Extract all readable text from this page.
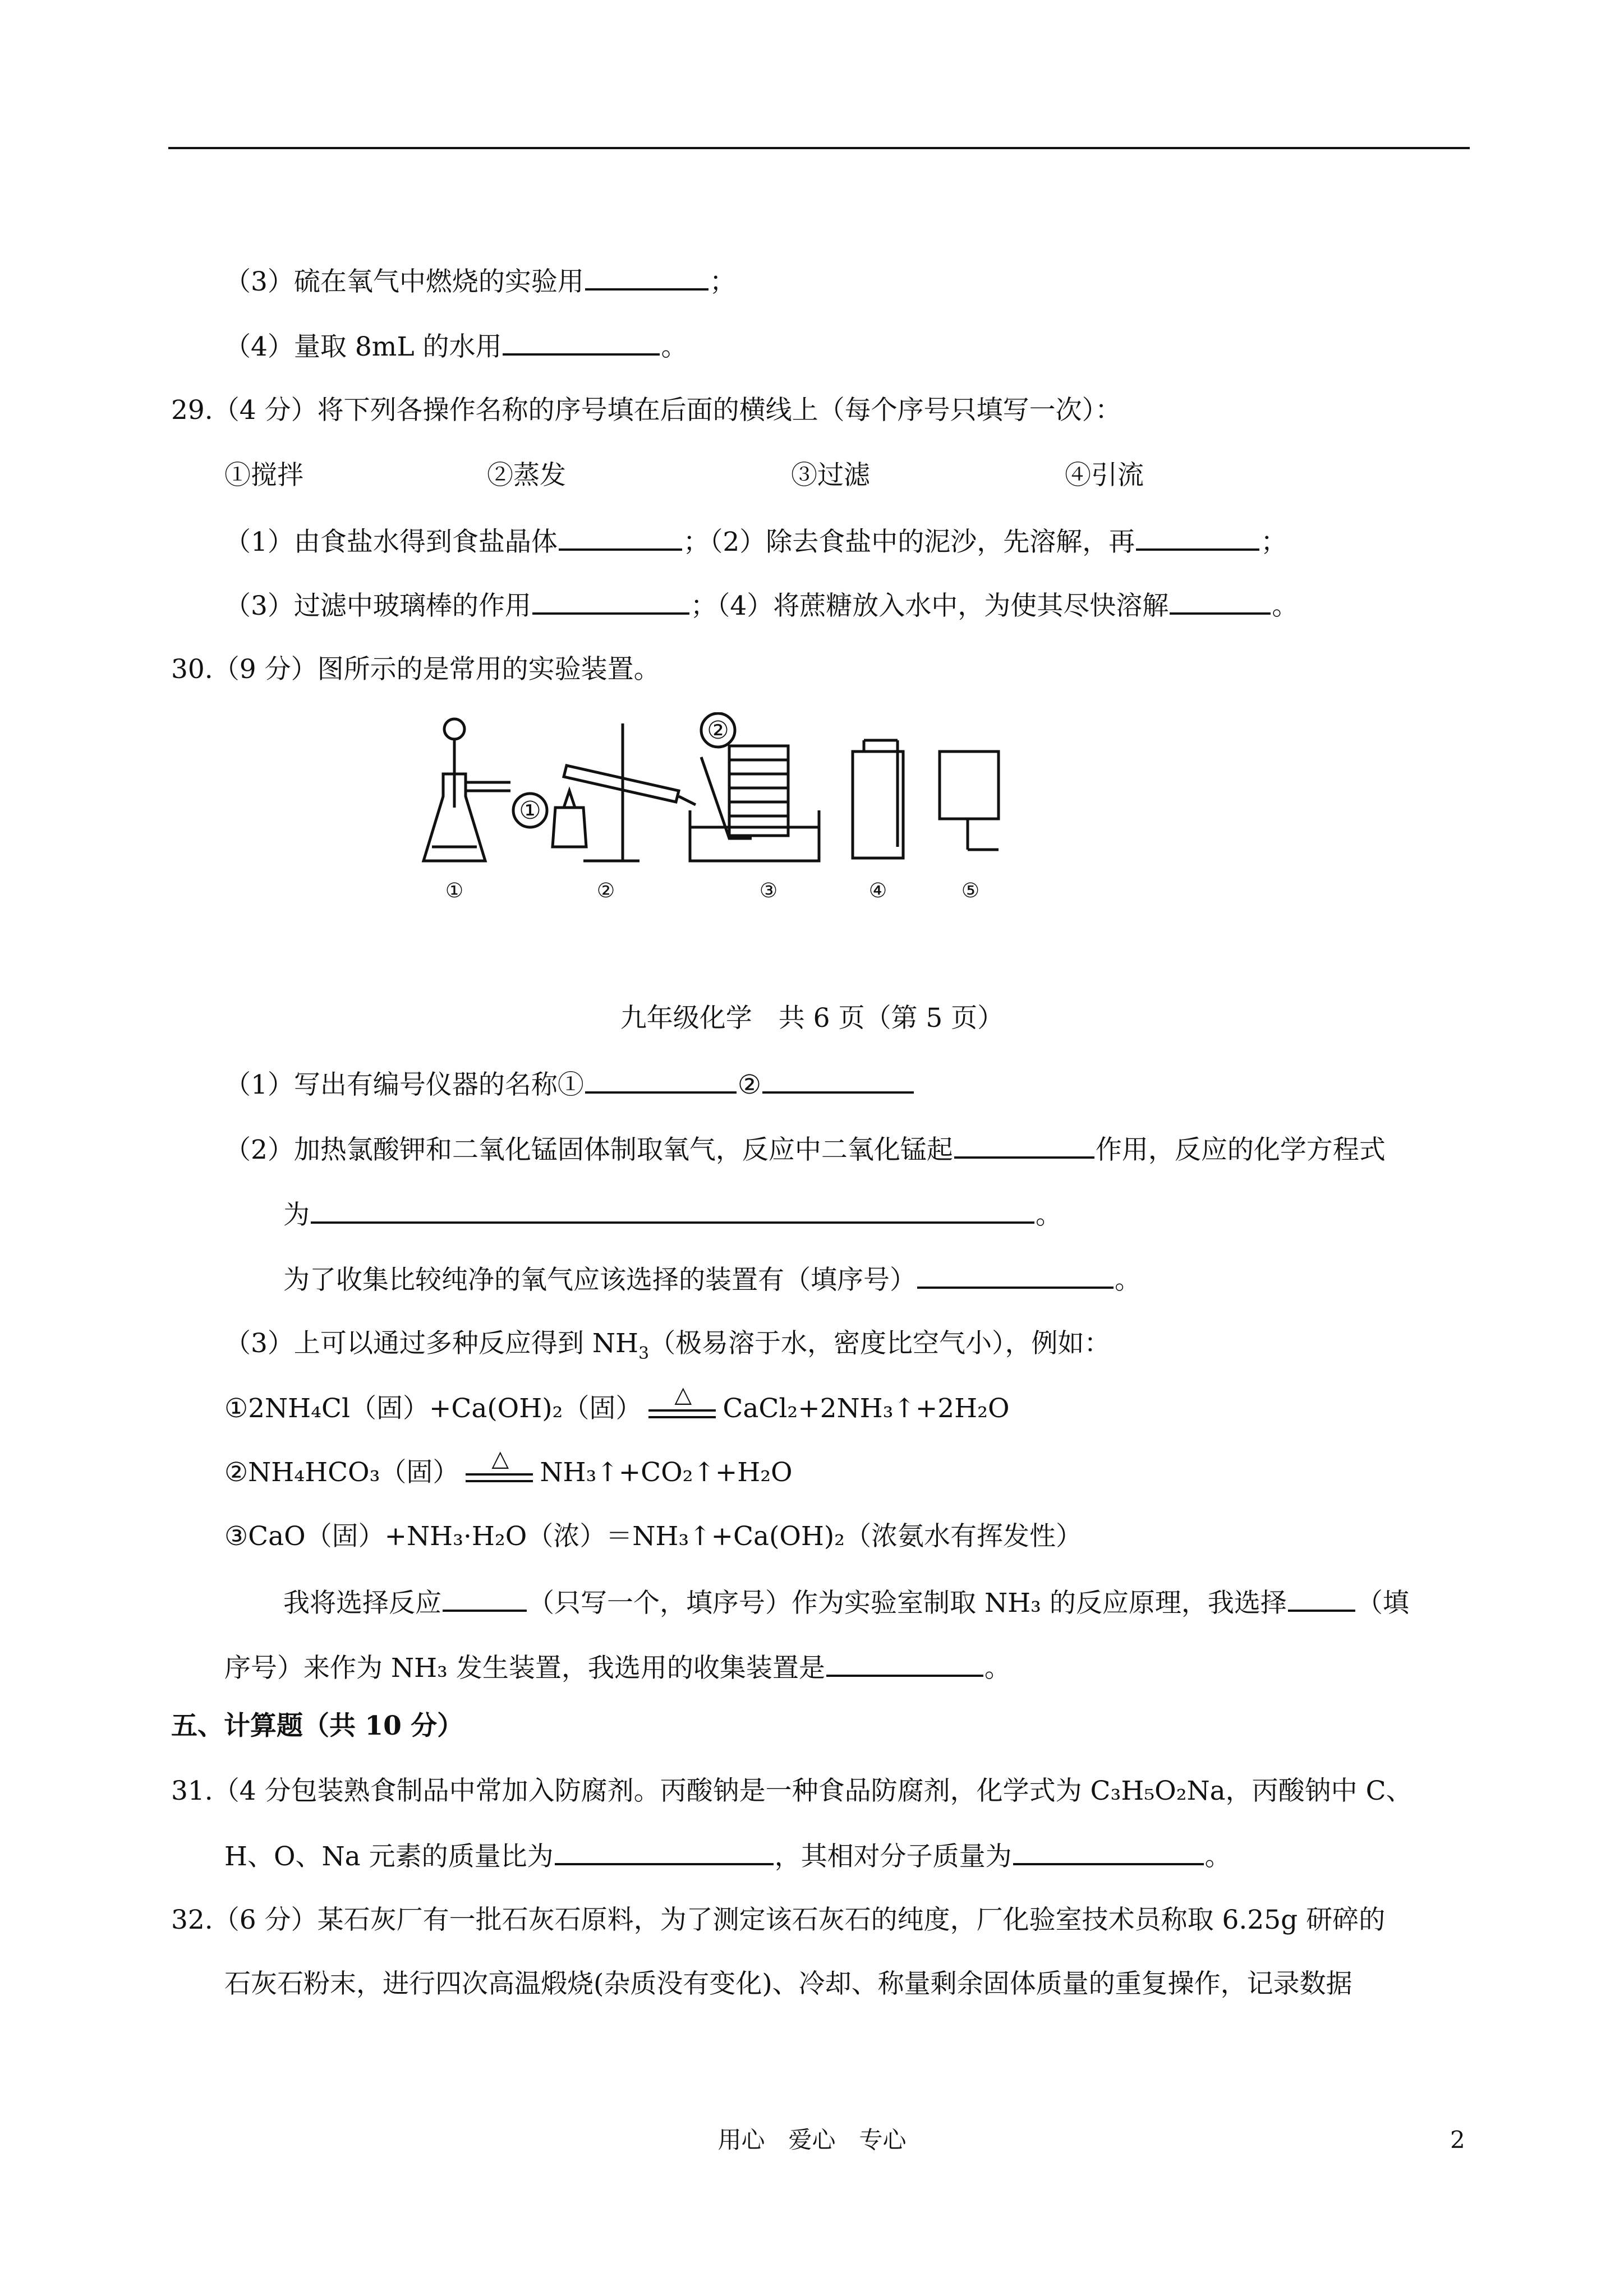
（3）硫在氧气中燃烧的实验用	；
（4）量取 8mL 的水用	。
29.（4 分）将下列各操作名称的序号填在后面的横线上（每个序号只填写一次）：
①搅拌	②蒸发	③过滤	④引流
（1）由食盐水得到食盐晶体	；（2）除去食盐中的泥沙，先溶解，再	；
（3）过滤中玻璃棒的作用	；（4）将蔗糖放入水中，为使其尽快溶解	。
30.（9 分）图所示的是常用的实验装置。
①	②	③	④	⑤
①
②
九年级化学　共 6 页（第 5 页）
（1）写出有编号仪器的名称①	②
（2）加热氯酸钾和二氧化锰固体制取氧气，反应中二氧化锰起	作用，反应的化学方程式
为	。
为了收集比较纯净的氧气应该选择的装置有（填序号）	。
（3）上可以通过多种反应得到 $NH_3$（极易溶于水，密度比空气小），例如：
①2NH₄Cl（固）+Ca(OH)₂（固） △ CaCl₂+2NH₃↑+2H₂O
②NH₄HCO₃（固） △ NH₃↑+CO₂↑+H₂O
③CaO（固）+NH₃·H₂O（浓）＝NH₃↑+Ca(OH)₂（浓氨水有挥发性）
我将选择反应	（只写一个，填序号）作为实验室制取 NH₃ 的反应原理，我选择	（填
序号）来作为 NH₃ 发生装置，我选用的收集装置是	。
五、计算题（共 10 分）
31.（4 分包装熟食制品中常加入防腐剂。丙酸钠是一种食品防腐剂，化学式为 C₃H₅O₂Na，丙酸钠中 C、
H、O、Na 元素的质量比为	，其相对分子质量为	。
32.（6 分）某石灰厂有一批石灰石原料，为了测定该石灰石的纯度，厂化验室技术员称取 6.25g 研碎的
石灰石粉末，进行四次高温煅烧(杂质没有变化)、冷却、称量剩余固体质量的重复操作，记录数据
用心　爱心　专心	2
